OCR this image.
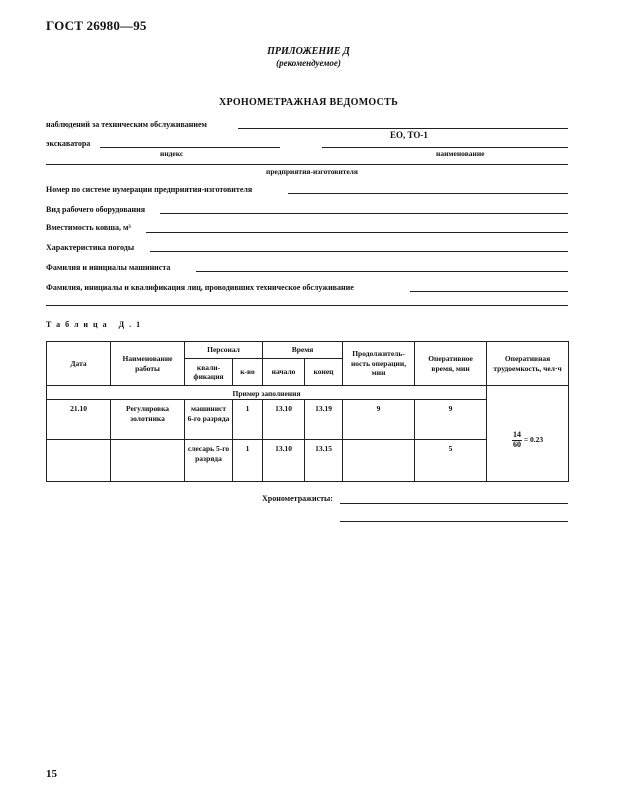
ГОСТ 26980—95
ПРИЛОЖЕНИЕ Д
(рекомендуемое)
ХРОНОМЕТРАЖНАЯ ВЕДОМОСТЬ
наблюдений за техническим обслуживанием
ЕО, ТО-1
экскаватора
индекс	наименование
предприятия-изготовителя
Номер по системе нумерации предприятия-изготовителя
Вид рабочего оборудования
Вместимость ковша, м³
Характеристика погоды
Фамилия и инициалы машиниста
Фамилия, инициалы и квалификация лиц, проводивших техническое обслуживание
Таблица Д.1
Дата	Наименование работы	Персонал		Время		Продолжитель-ность операции, мин	Оперативное время, мин	Оперативная трудоемкость, чел·ч
		квали-фикация	к-во	начало	конец			
Пример заполнения								
21.10	Регулировка золотника	машинист 6-го разряда	1	13.10	13.19	9	9	$\frac{14}{60} = 0.23$
		слесарь 5-го разряда	1	13.10	13.15		5	
Хронометражисты:
15
